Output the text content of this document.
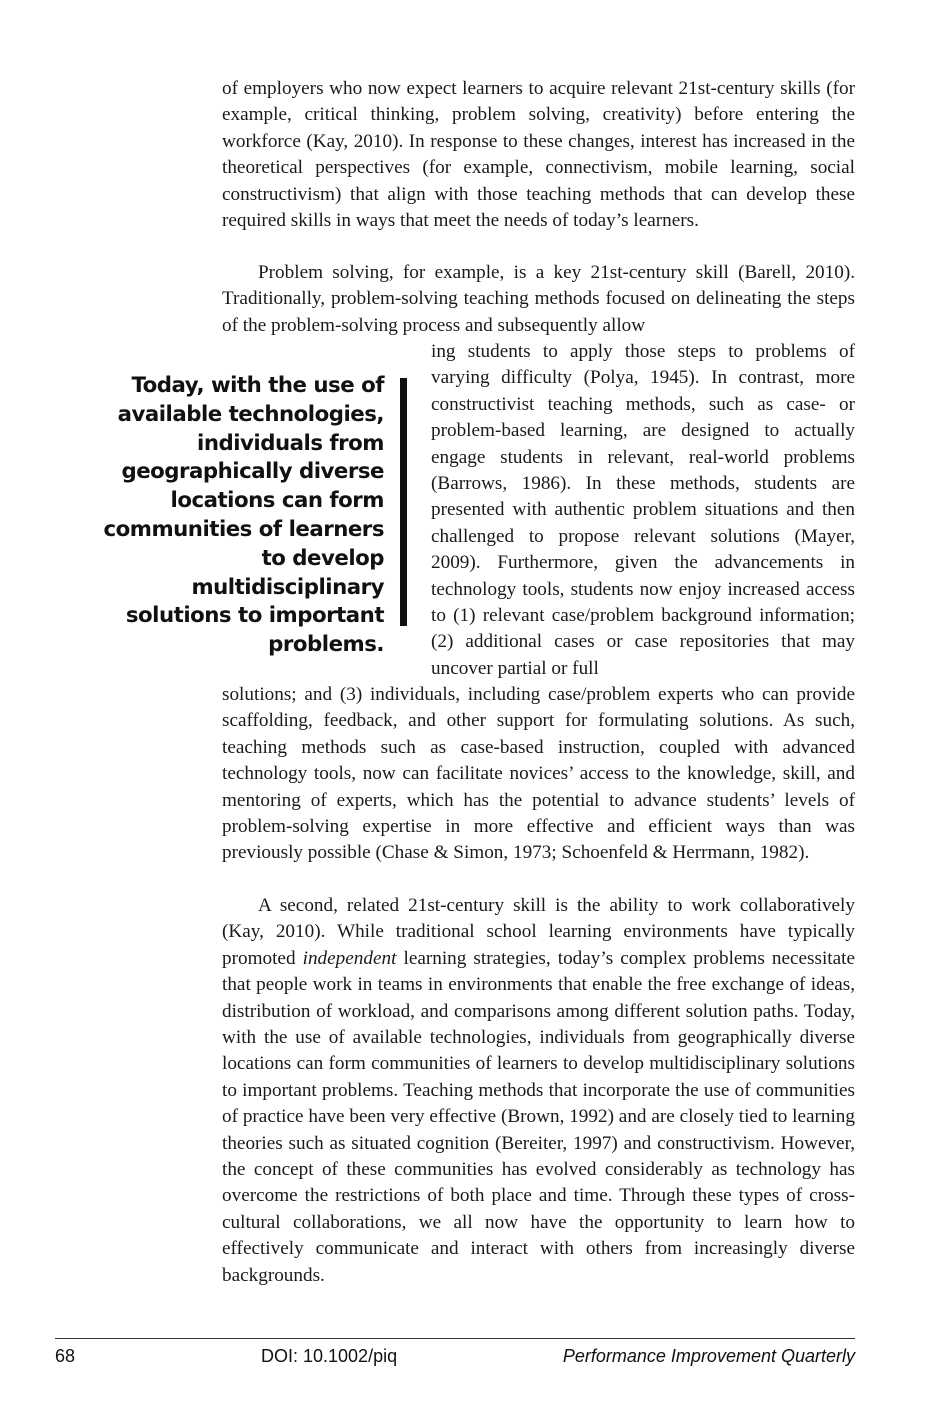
of employers who now expect learners to acquire relevant 21st-century skills (for example, critical thinking, problem solving, creativity) before entering the workforce (Kay, 2010). In response to these changes, interest has increased in the theoretical perspectives (for example, connectivism, mobile learning, social constructivism) that align with those teaching methods that can develop these required skills in ways that meet the needs of today’s learners.

Problem solving, for example, is a key 21st-century skill (Barell, 2010). Traditionally, problem-solving teaching methods focused on delineating the steps of the problem-solving process and subsequently allow

Today, with the use of available technologies, individuals from geographically diverse locations can form communities of learners to develop multidisciplinary solutions to important problems.

ing students to apply those steps to problems of varying difficulty (Polya, 1945). In contrast, more constructivist teaching methods, such as case- or problem-based learning, are designed to actually engage students in relevant, real-world problems (Barrows, 1986). In these methods, students are presented with authentic problem situations and then challenged to propose relevant solutions (Mayer, 2009). Furthermore, given the advancements in technology tools, students now enjoy increased access to (1) relevant case/problem background information; (2) additional cases or case repositories that may uncover partial or full

solutions; and (3) individuals, including case/problem experts who can provide scaffolding, feedback, and other support for formulating solutions. As such, teaching methods such as case-based instruction, coupled with advanced technology tools, now can facilitate novices’ access to the knowledge, skill, and mentoring of experts, which has the potential to advance students’ levels of problem-solving expertise in more effective and efficient ways than was previously possible (Chase & Simon, 1973; Schoenfeld & Herrmann, 1982).

A second, related 21st-century skill is the ability to work collaboratively (Kay, 2010). While traditional school learning environments have typically promoted independent learning strategies, today’s complex problems necessitate that people work in teams in environments that enable the free exchange of ideas, distribution of workload, and comparisons among different solution paths. Today, with the use of available technologies, individuals from geographically diverse locations can form communities of learners to develop multidisciplinary solutions to important problems. Teaching methods that incorporate the use of communities of practice have been very effective (Brown, 1992) and are closely tied to learning theories such as situated cognition (Bereiter, 1997) and constructivism. However, the concept of these communities has evolved considerably as technology has overcome the restrictions of both place and time. Through these types of cross-cultural collaborations, we all now have the opportunity to learn how to effectively communicate and interact with others from increasingly diverse backgrounds.

68	DOI: 10.1002/piq	Performance Improvement Quarterly
